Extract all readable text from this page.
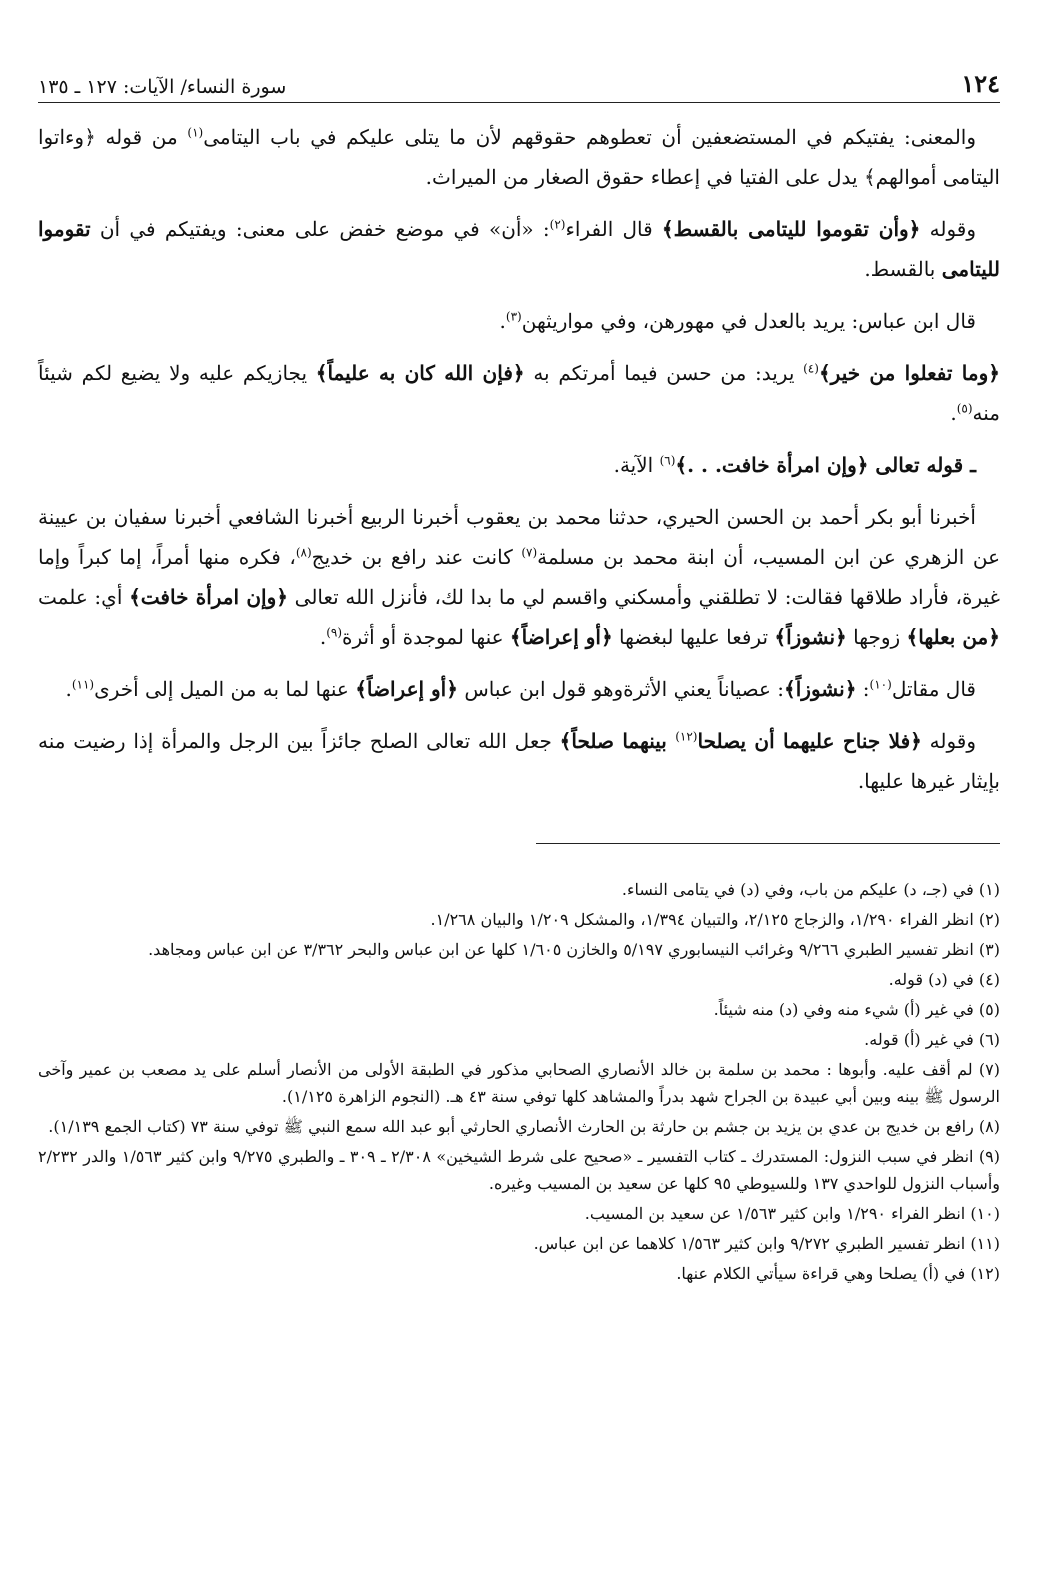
١٢٤
سورة النساء/ الآيات: ١٢٧ ـ ١٣٥

والمعنى: يفتيكم في المستضعفين أن تعطوهم حقوقهم لأن ما يتلى عليكم في باب اليتامى$^{(١)}$ من قوله ﴿وءاتوا اليتامى أموالهم﴾ يدل على الفتيا في إعطاء حقوق الصغار من الميراث.

وقوله ﴿وأن تقوموا لليتامى بالقسط﴾ قال الفراء$^{(٢)}$: «أن» في موضع خفض على معنى: ويفتيكم في أن تقوموا لليتامى بالقسط.

قال ابن عباس: يريد بالعدل في مهورهن، وفي مواريثهن$^{(٣)}$.

﴿وما تفعلوا من خير﴾$^{(٤)}$ يريد: من حسن فيما أمرتكم به ﴿فإن الله كان به عليماً﴾ يجازيكم عليه ولا يضيع لكم شيئاً منه$^{(٥)}$.

ـ قوله تعالى ﴿وإن امرأة خافت. . .﴾$^{(٦)}$ الآية.

أخبرنا أبو بكر أحمد بن الحسن الحيري، حدثنا محمد بن يعقوب أخبرنا الربيع أخبرنا الشافعي أخبرنا سفيان بن عيينة عن الزهري عن ابن المسيب، أن ابنة محمد بن مسلمة$^{(٧)}$ كانت عند رافع بن خديج$^{(٨)}$، فكره منها أمراً، إما كبراً وإما غيرة، فأراد طلاقها فقالت: لا تطلقني وأمسكني واقسم لي ما بدا لك، فأنزل الله تعالى ﴿وإن امرأة خافت﴾ أي: علمت ﴿من بعلها﴾ زوجها ﴿نشوزاً﴾ ترفعا عليها لبغضها ﴿أو إعراضاً﴾ عنها لموجدة أو أثرة$^{(٩)}$.

قال مقاتل$^{(١٠)}$: ﴿نشوزاً﴾: عصياناً يعني الأثرةوهو قول ابن عباس ﴿أو إعراضاً﴾ عنها لما به من الميل إلى أخرى$^{(١١)}$.

وقوله ﴿فلا جناح عليهما أن يصلحا$^{(١٢)}$ بينهما صلحاً﴾ جعل الله تعالى الصلح جائزاً بين الرجل والمرأة إذا رضيت منه بإيثار غيرها عليها.

(١) في (جـ، د) عليكم من باب، وفي (د) في يتامى النساء.

(٢) انظر الفراء ١/٢٩٠، والزجاج ٢/١٢٥، والتبيان ١/٣٩٤، والمشكل ١/٢٠٩ والبيان ١/٢٦٨.

(٣) انظر تفسير الطبري ٩/٢٦٦ وغرائب النيسابوري ٥/١٩٧ والخازن ١/٦٠٥ كلها عن ابن عباس والبحر ٣/٣٦٢ عن ابن عباس ومجاهد.

(٤) في (د) قوله.

(٥) في غير (أ) شيء منه وفي (د) منه شيئاً.

(٦) في غير (أ) قوله.

(٧) لم أقف عليه. وأبوها : محمد بن سلمة بن خالد الأنصاري الصحابي مذكور في الطبقة الأولى من الأنصار أسلم على يد مصعب بن عمير وآخى الرسول ﷺ بينه وبين أبي عبيدة بن الجراح شهد بدراً والمشاهد كلها توفي سنة ٤٣ هـ. (النجوم الزاهرة ١/١٢٥).

(٨) رافع بن خديج بن عدي بن يزيد بن جشم بن حارثة بن الحارث الأنصاري الحارثي أبو عبد الله سمع النبي ﷺ توفي سنة ٧٣ (كتاب الجمع ١/١٣٩).

(٩) انظر في سبب النزول: المستدرك ـ كتاب التفسير ـ «صحيح على شرط الشيخين» ٢/٣٠٨ ـ ٣٠٩ ـ والطبري ٩/٢٧٥ وابن كثير ١/٥٦٣ والدر ٢/٢٣٢ وأسباب النزول للواحدي ١٣٧ وللسيوطي ٩٥ كلها عن سعيد بن المسيب وغيره.

(١٠) انظر الفراء ١/٢٩٠ وابن كثير ١/٥٦٣ عن سعيد بن المسيب.

(١١) انظر تفسير الطبري ٩/٢٧٢ وابن كثير ١/٥٦٣ كلاهما عن ابن عباس.

(١٢) في (أ) يصلحا وهي قراءة سيأتي الكلام عنها.
